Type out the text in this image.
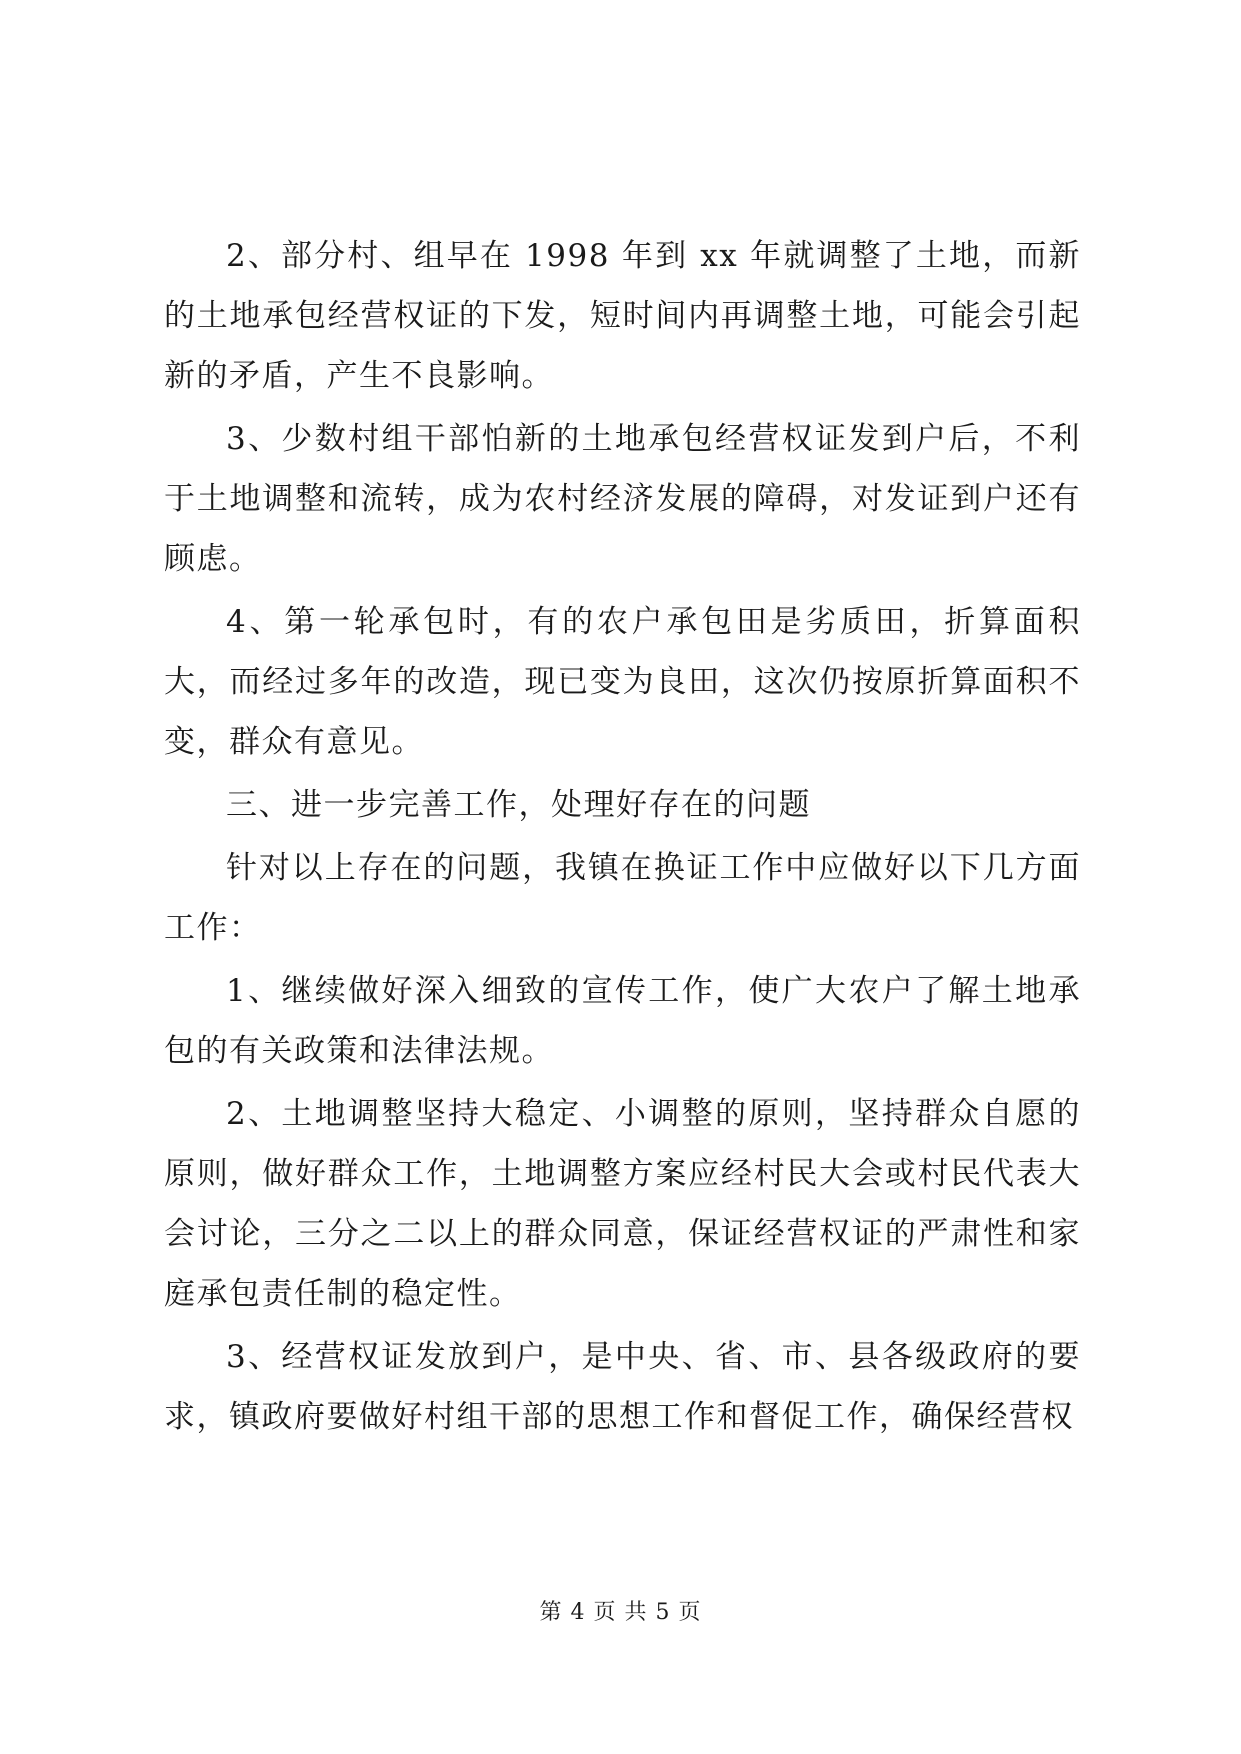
2、部分村、组早在 1998 年到 xx 年就调整了土地，而新的土地承包经营权证的下发，短时间内再调整土地，可能会引起新的矛盾，产生不良影响。

3、少数村组干部怕新的土地承包经营权证发到户后，不利于土地调整和流转，成为农村经济发展的障碍，对发证到户还有顾虑。

4、第一轮承包时，有的农户承包田是劣质田，折算面积大，而经过多年的改造，现已变为良田，这次仍按原折算面积不变，群众有意见。

三、进一步完善工作，处理好存在的问题

针对以上存在的问题，我镇在换证工作中应做好以下几方面工作：

1、继续做好深入细致的宣传工作，使广大农户了解土地承包的有关政策和法律法规。

2、土地调整坚持大稳定、小调整的原则，坚持群众自愿的原则，做好群众工作，土地调整方案应经村民大会或村民代表大会讨论，三分之二以上的群众同意，保证经营权证的严肃性和家庭承包责任制的稳定性。

3、经营权证发放到户，是中央、省、市、县各级政府的要求，镇政府要做好村组干部的思想工作和督促工作，确保经营权

第 4 页 共 5 页
